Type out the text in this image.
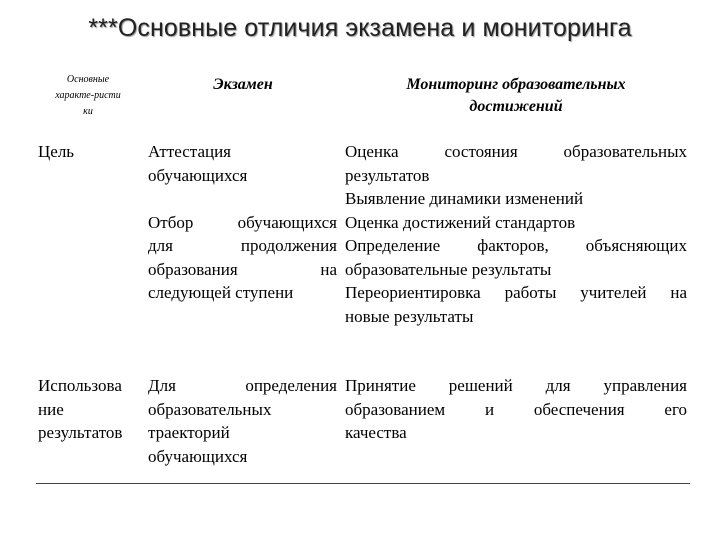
***Основные отличия экзамена и мониторинга
Основные
характе-ристи
ки
Экзамен	Мониторинг образовательных
достижений
Цель	Аттестация
обучающихся
Отбор обучающихся
для продолжения
образования на
следующей ступени
Оценка состояния образовательных
результатов
Выявление динамики изменений
Оценка достижений стандартов
Определение факторов, объясняющих
образовательные результаты
Переориентировка работы учителей на
новые результаты
Использова
ние
результатов
Для определения
образовательных
траекторий
обучающихся
Принятие решений для управления
образованием и обеспечения его
качества
